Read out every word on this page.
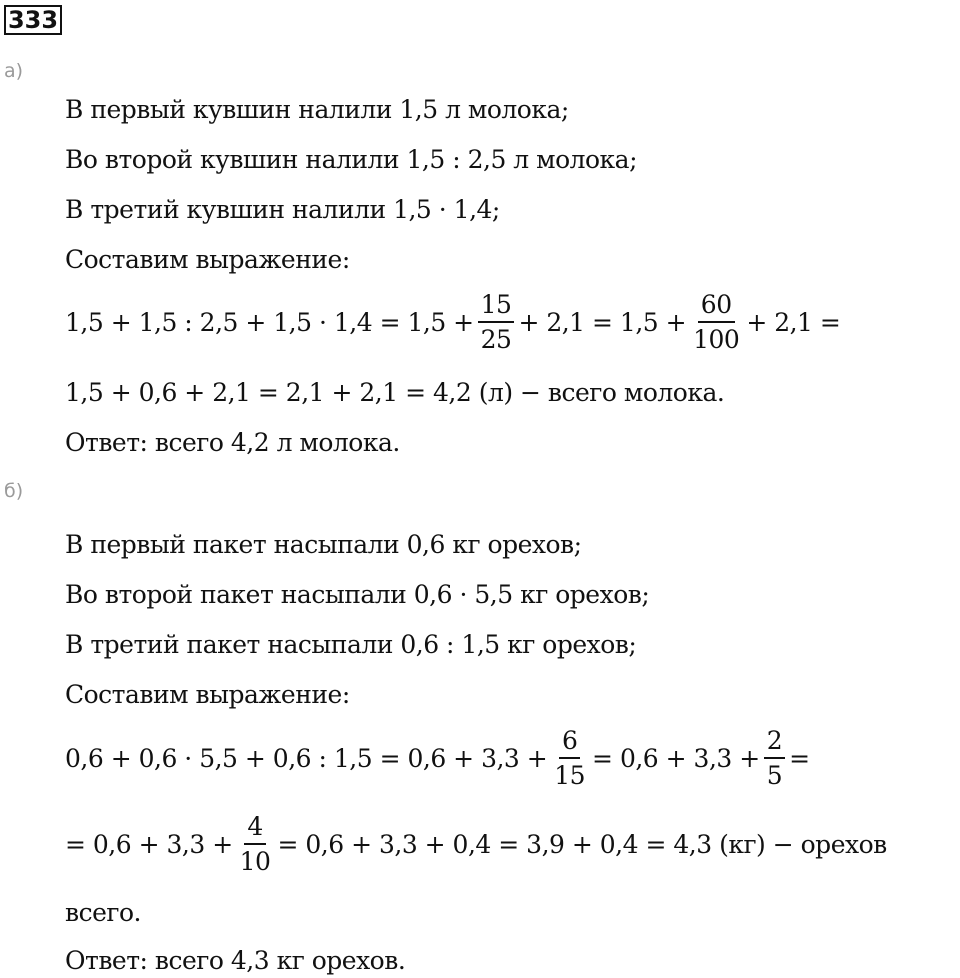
333
а)
В первый кувшин налили 1,5 л молока;
Во второй кувшин налили 1,5 : 2,5 л молока;
В третий кувшин налили 1,5 · 1,4;
Составим выражение:
1,5 + 1,5 : $2,5 + 1,5 \cdot 1,4 = 1,5 + \frac{15}{25} + 2,1 = 1,5 + \frac{60}{100} + 2,1$ =
1,5 + 0,6 + 2,1 = 2,1 + 2,1 = 4,2 (л) − всего молока.
Ответ: всего 4,2 л молока.
б)
В первый пакет насыпали 0,6 кг орехов;
Во второй пакет насыпали 0,6 · 5,5 кг орехов;
В третий пакет насыпали 0,6 : 1,5 кг орехов;
Составим выражение:
0,6 + 0,6 · 5,5 + 0,6 : $1,5 = 0,6 + 3,3 + \frac{6}{15} = 0,6 + 3,3 + \frac{2}{5}$ =
= $0,6 + 3,3 + \frac{4}{10} = 0,6 + 3,3 + 0,4 = 3,9 + 0,4 = 4,3$ (кг) − орехов
всего.
Ответ: всего 4,3 кг орехов.
